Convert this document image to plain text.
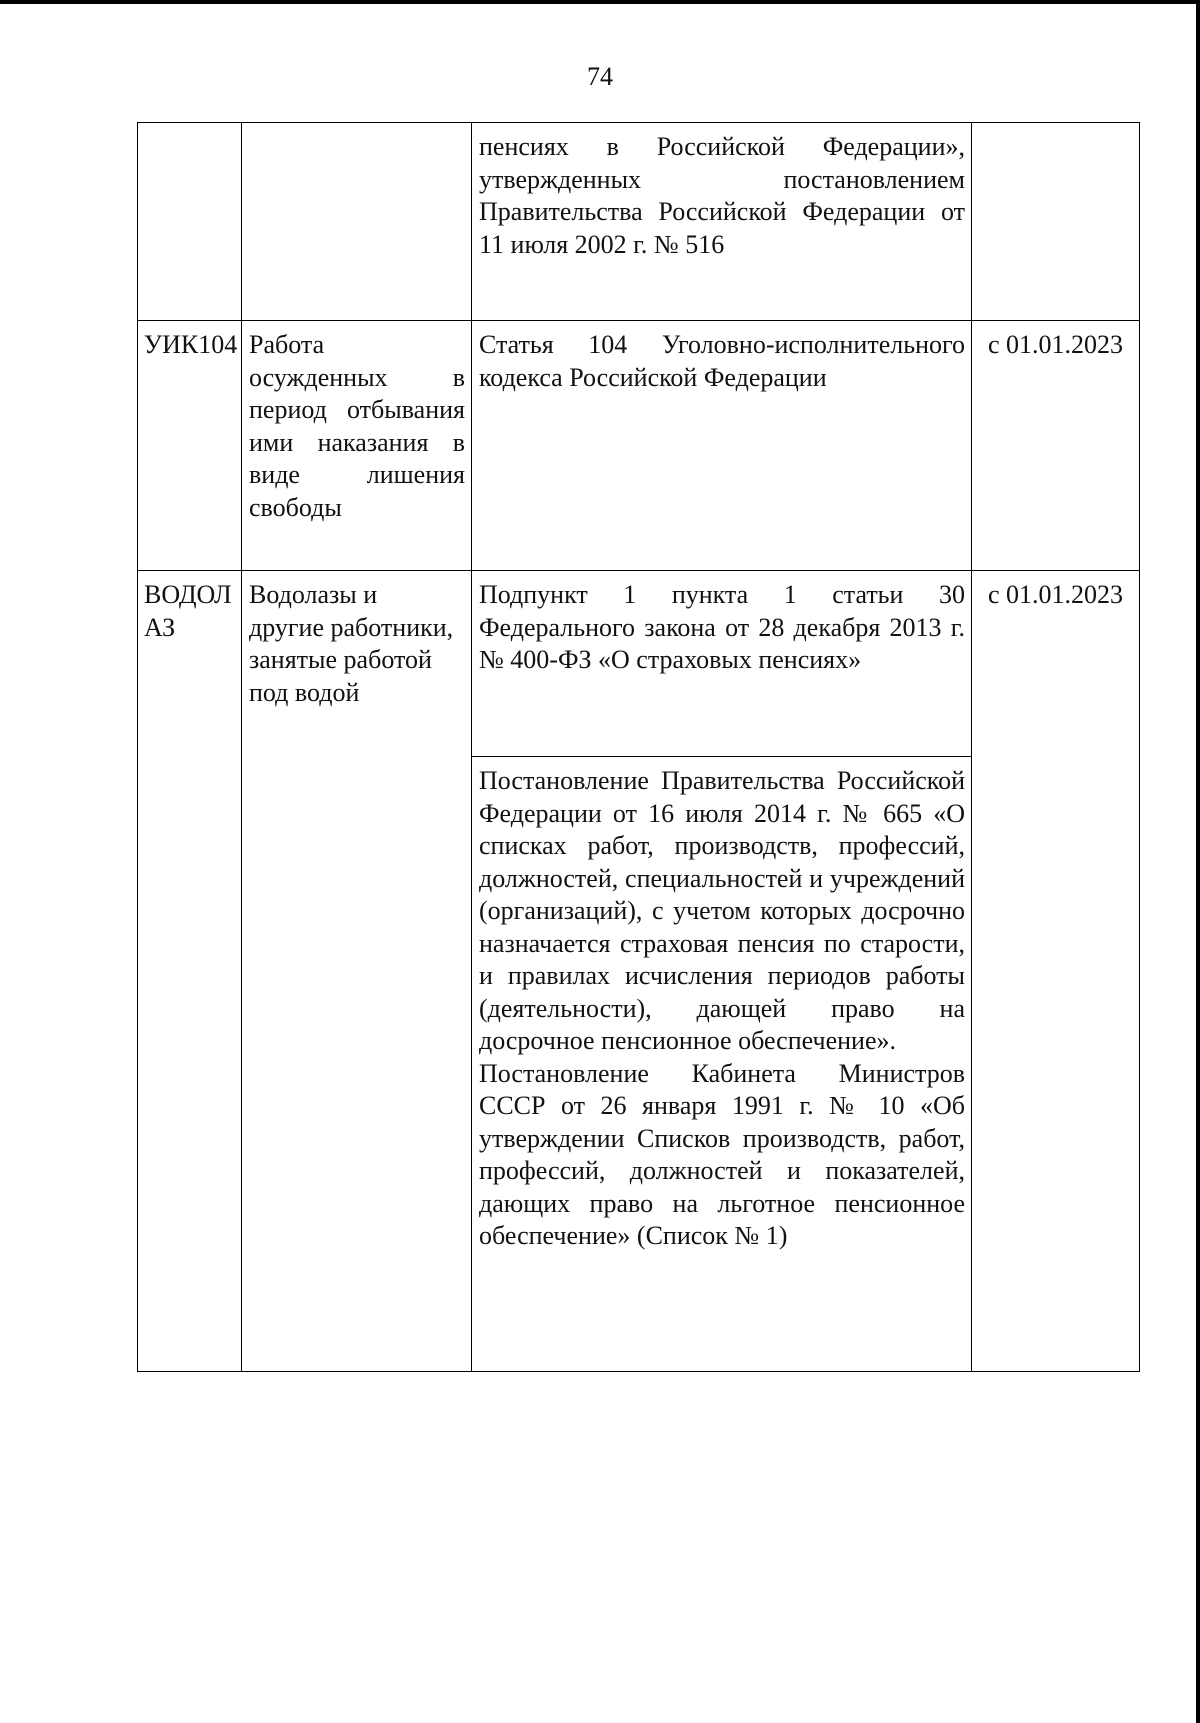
74

		пенсиях в Российской Федерации», утвержденных постановлением Правительства Российской Федерации от 11 июля 2002 г. № 516	

УИК104	Работа осужденных в период отбывания ими наказания в виде лишения свободы	Статья 104 Уголовно-исполнительного кодекса Российской Федерации	с 01.01.2023

ВОДОЛАЗ	Водолазы и другие работники, занятые работой под водой	Подпункт 1 пункта 1 статьи 30 Федерального закона от 28 декабря 2013 г. № 400-ФЗ «О страховых пенсиях»	с 01.01.2023

		Постановление Правительства Российской Федерации от 16 июля 2014 г. № 665 «О списках работ, производств, профессий, должностей, специальностей и учреждений (организаций), с учетом которых досрочно назначается страховая пенсия по старости, и правилах исчисления периодов работы (деятельности), дающей право на досрочное пенсионное обеспечение».
Постановление Кабинета Министров СССР от 26 января 1991 г. № 10 «Об утверждении Списков производств, работ, профессий, должностей и показателей, дающих право на льготное пенсионное обеспечение» (Список № 1)	
